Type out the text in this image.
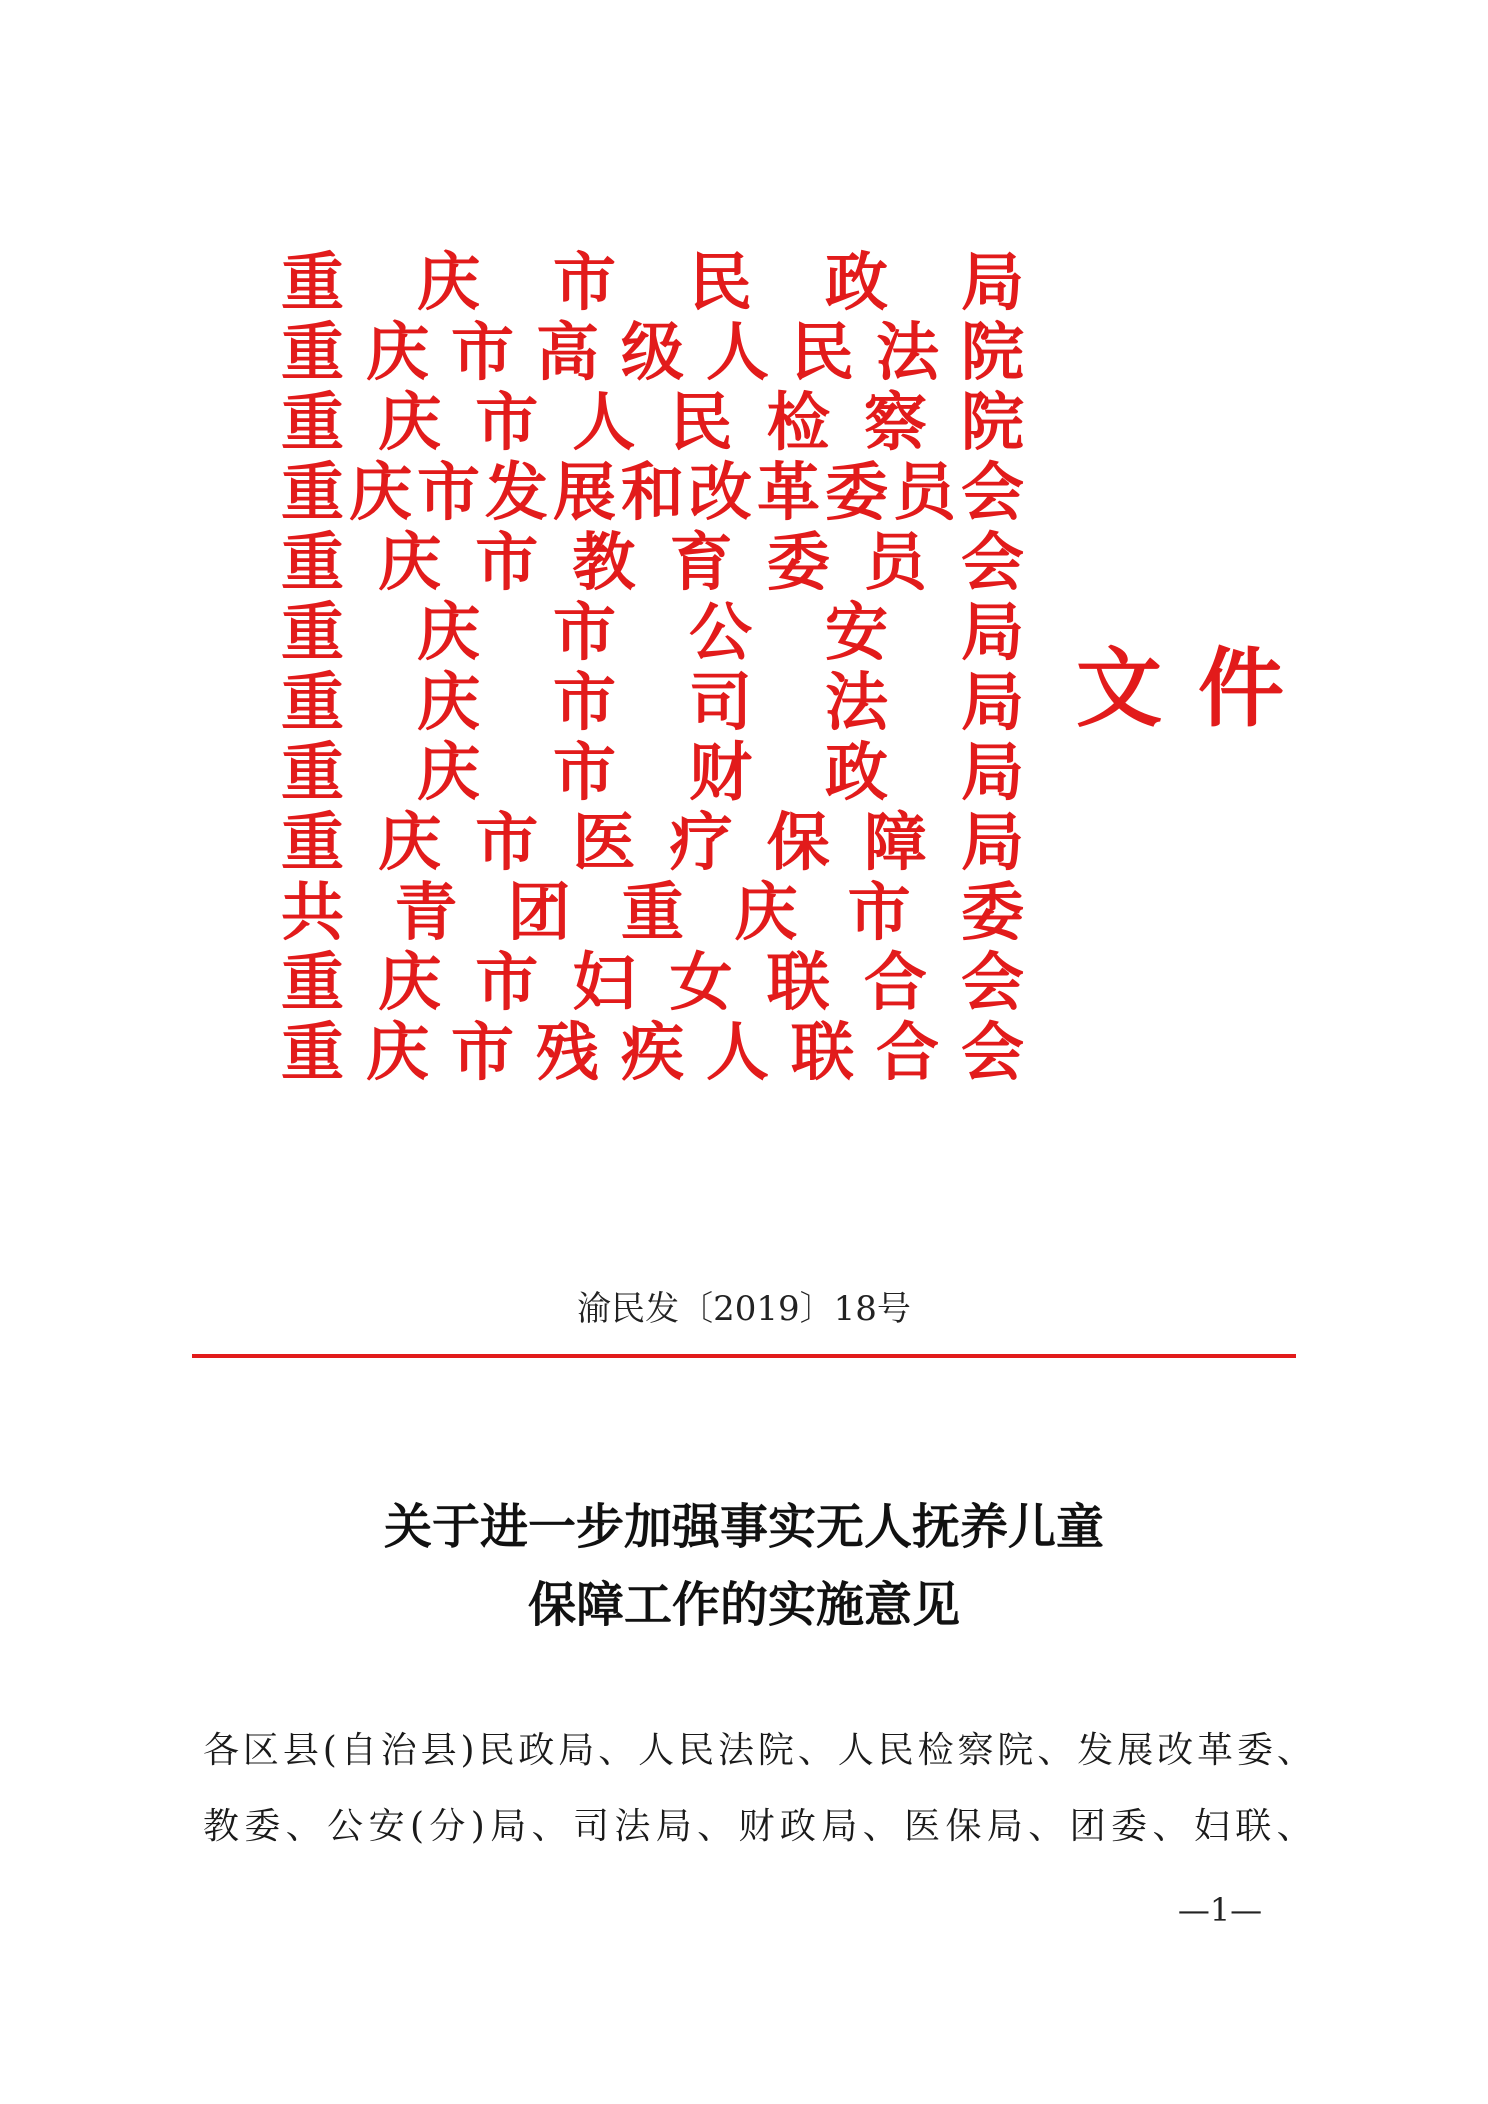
重 庆 市 民 政 局
重 庆 市 高 级 人 民 法 院
重 庆 市 人 民 检 察 院
重 庆 市 发 展 和 改 革 委 员 会
重 庆 市 教 育 委 员 会
重 庆 市 公 安 局
重 庆 市 司 法 局
重 庆 市 财 政 局
重 庆 市 医 疗 保 障 局
共 青 团 重 庆 市 委
重 庆 市 妇 女 联 合 会
重 庆 市 残 疾 人 联 合 会
文件
渝民发〔2019〕18号
关于进一步加强事实无人抚养儿童
保障工作的实施意见
各 区 县 ( 自 治 县 ) 民 政 局 、 人 民 法 院 、 人 民 检 察 院 、 发 展 改 革 委 、
教 委 、 公 安 ( 分 ) 局 、 司 法 局 、 财 政 局 、 医 保 局 、 团 委 、 妇 联 、
—1—
